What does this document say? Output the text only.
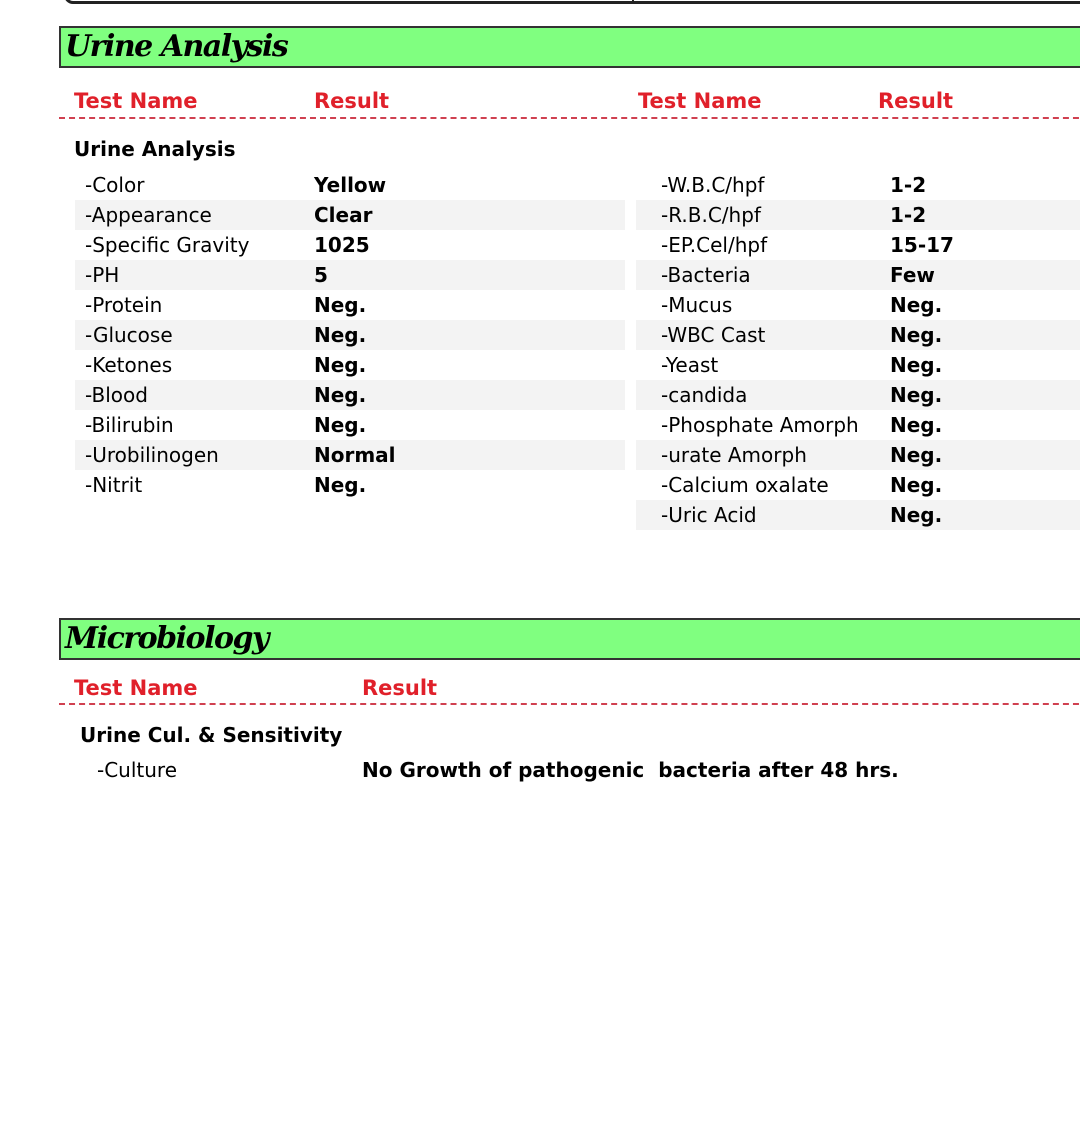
Urine Analysis
Test Name	Result	Test Name	Result
Urine Analysis
-Color	Yellow
-Appearance	Clear
-Specific Gravity	1025
-PH	5
-Protein	Neg.
-Glucose	Neg.
-Ketones	Neg.
-Blood	Neg.
-Bilirubin	Neg.
-Urobilinogen	Normal
-Nitrit	Neg.
-W.B.C/hpf	1-2
-R.B.C/hpf	1-2
-EP.Cel/hpf	15-17
-Bacteria	Few
-Mucus	Neg.
-WBC Cast	Neg.
-Yeast	Neg.
-candida	Neg.
-Phosphate Amorph Neg.
-urate Amorph	Neg.
-Calcium oxalate	Neg.
-Uric Acid	Neg.
Microbiology
Test Name	Result
Urine Cul. & Sensitivity
-Culture	No Growth of pathogenic  bacteria after 48 hrs.
